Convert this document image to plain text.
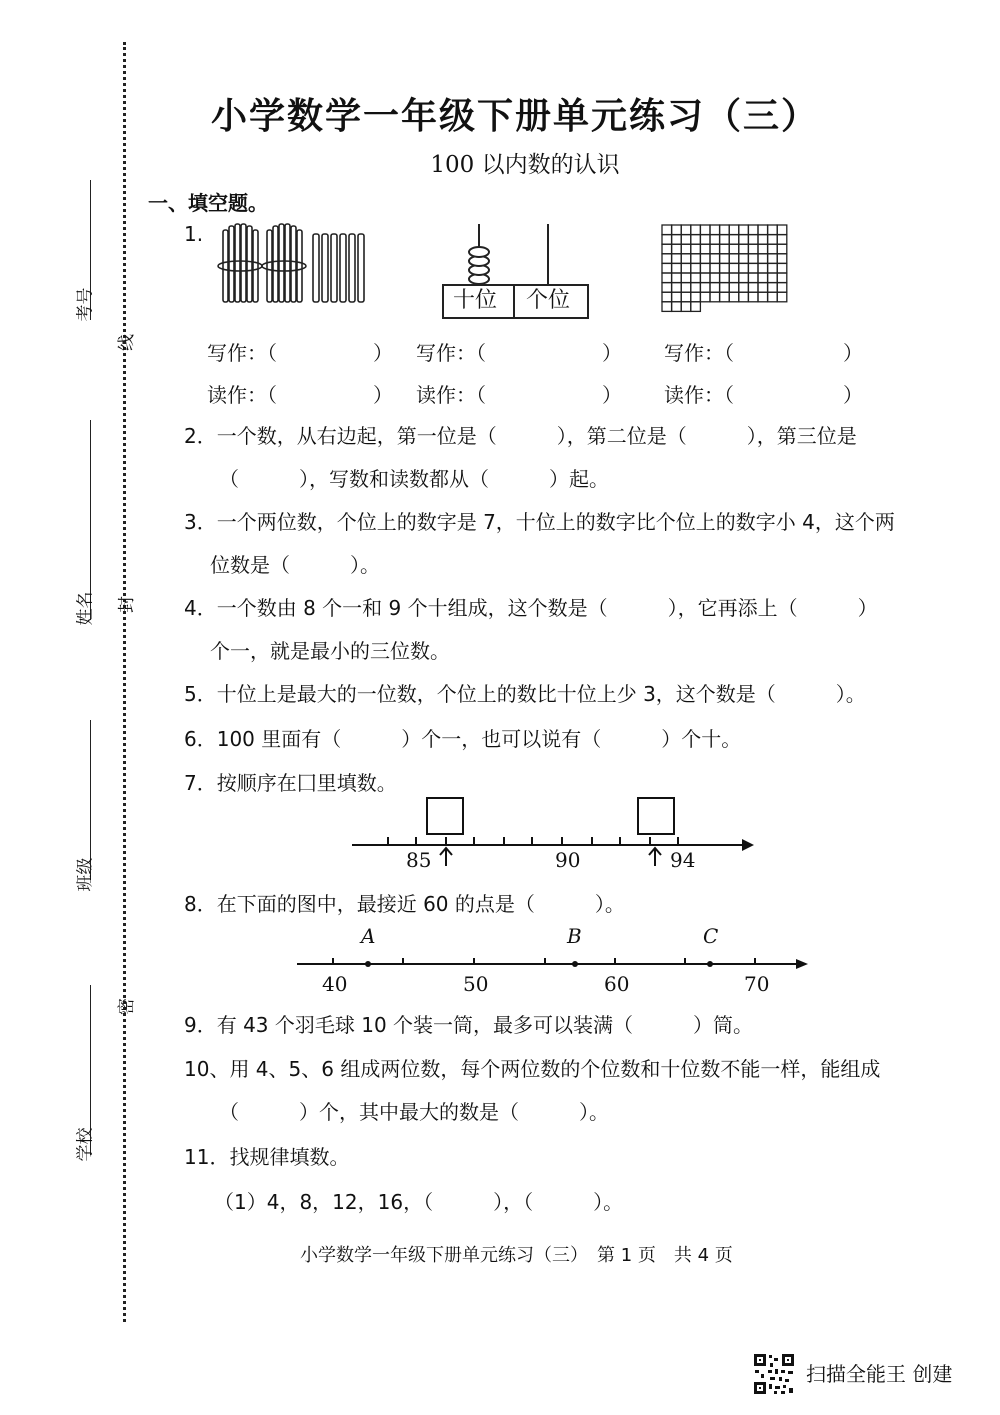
考号
姓名
班级
学校
线
封
密
小学数学一年级下册单元练习（三）
100 以内数的认识
一、填空题。
1.
十位 个位
写作：（	） 写作：（	） 写作：（	）
读作：（	） 读作：（	） 读作：（	）
2．一个数，从右边起，第一位是（　　　），第二位是（　　　），第三位是
（　　　），写数和读数都从（　　　）起。
3．一个两位数，个位上的数字是 7，十位上的数字比个位上的数字小 4，这个两
位数是（　　　）。
4．一个数由 8 个一和 9 个十组成，这个数是（　　　），它再添上（　　　）
个一，就是最小的三位数。
5．十位上是最大的一位数，个位上的数比十位上少 3，这个数是（　　　）。
6．100 里面有（　　　）个一，也可以说有（　　　）个十。
7．按顺序在囗里填数。
85	90	94
8．在下面的图中，最接近 60 的点是（　　　）。
A	B	C
40	50	60	70
9．有 43 个羽毛球 10 个装一筒，最多可以装满（　　　）筒。
10、用 4、5、6 组成两位数，每个两位数的个位数和十位数不能一样，能组成
（　　　）个，其中最大的数是（　　　）。
11．找规律填数。
（1）4，8，12，16，（　　　），（　　　）。
小学数学一年级下册单元练习（三）　第 1 页　共 4 页
扫描全能王 创建
